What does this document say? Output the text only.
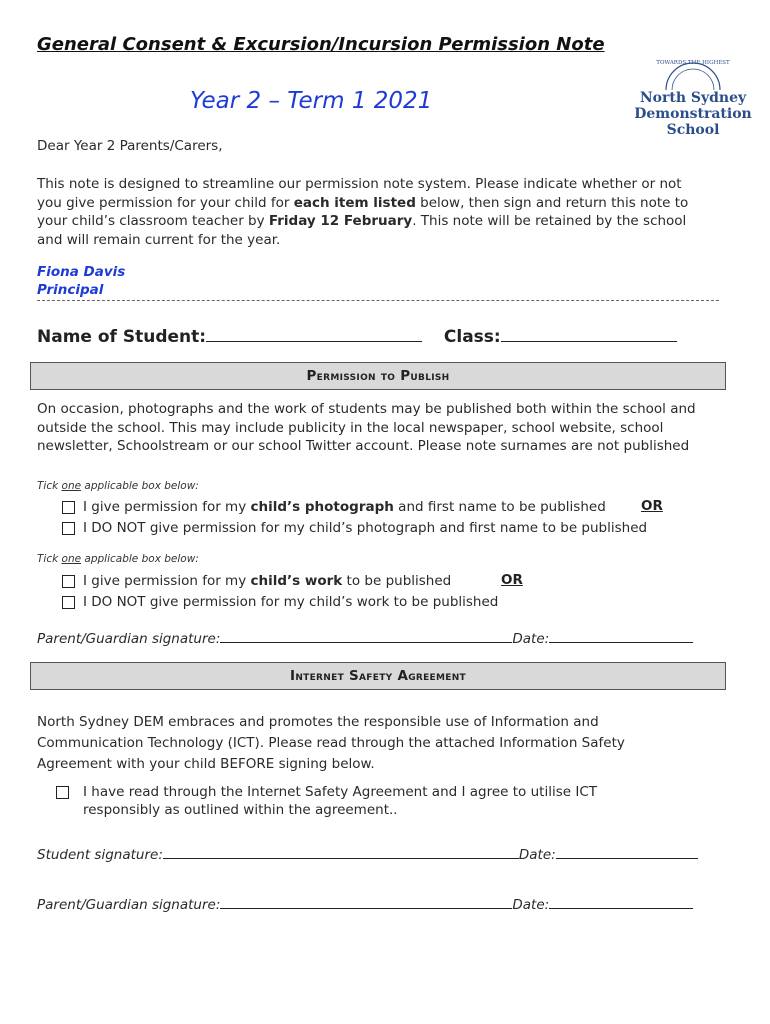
General Consent & Excursion/Incursion Permission Note
Year 2 – Term 1 2021
TOWARDS THE HIGHEST
North Sydney
Demonstration
School
Dear Year 2 Parents/Carers,
This note is designed to streamline our permission note system. Please indicate whether or not you give permission for your child for each item listed below, then sign and return this note to your child’s classroom teacher by Friday 12 February. This note will be retained by the school and will remain current for the year.
Fiona Davis
Principal
Name of Student:	Class:
Permission to Publish
On occasion, photographs and the work of students may be published both within the school and outside the school. This may include publicity in the local newspaper, school website, school newsletter, Schoolstream or our school Twitter account. Please note surnames are not published
Tick one applicable box below:
I give permission for my child’s photograph and first name to be published	OR
I DO NOT give permission for my child’s photograph and first name to be published
Tick one applicable box below:
I give permission for my child’s work to be published	OR
I DO NOT give permission for my child’s work to be published
Parent/Guardian signature:	Date:
Internet Safety Agreement
North Sydney DEM embraces and promotes the responsible use of Information and Communication Technology (ICT). Please read through the attached Information Safety Agreement with your child BEFORE signing below.
I have read through the Internet Safety Agreement and I agree to utilise ICT
responsibly as outlined within the agreement..
Student signature:	Date:
Parent/Guardian signature:	Date:
